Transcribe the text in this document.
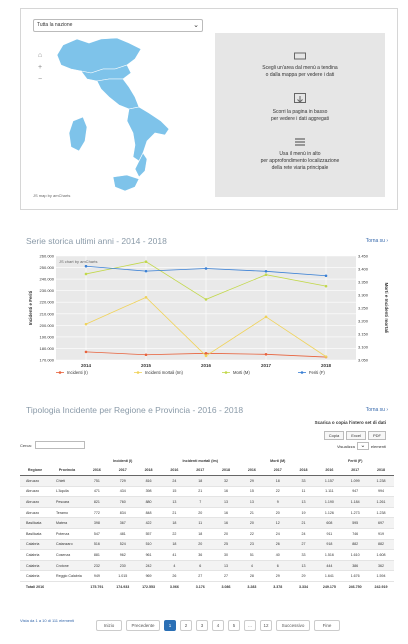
Tutta la nazione	⌄
⌂
+
−
JS map by amCharts
Scegli un'area dal menù a tendina
o dalla mappa per vedere i dati
Scorri la pagina in basso
per vedere i dati aggregati
Usa il menù in alto
per approfondimento localizzazione
della rete viaria principale
Serie storica ultimi anni - 2014 - 2018	Torna su ›
170.000
180.000
190.000
200.000
210.000
220.000
230.000
240.000
250.000
260.000
3.050
3.100
3.150
3.200
3.250
3.300
3.350
3.400
3.450
2014	2015	2016	2017	2018
Incidenti e Feriti	Morti e Incidenti mortali
JS chart by amCharts
Incidenti (I)	Incidenti mortali (Im)	Morti (M)	Feriti (F)
Tipologia Incidente per Regione e Provincia - 2016 - 2018	Torna su ›
Scarica o copia l'intero set di dati
Copia	Excel	PDF
Visualizza ⌄	elementi
Cerca:
		Incidenti (I)			Incidenti mortali (Im)			Morti (M)			Feriti (F)		
Regione	Provincia	2016	2017	2018	2016	2017	2018	2016	2017	2018	2016	2017	2018
Abruzzo	Chieti	751	729	816	24	18	32	29	18	33	1.157	1.099	1.238
Abruzzo	L'Aquila	471	434	398	15	21	16	15	22	11	1.111	947	994
Abruzzo	Pescara	821	760	880	13	7	13	13	9	13	1.190	1.184	1.261
Abruzzo	Teramo	772	834	848	21	20	16	21	20	19	1.126	1.273	1.238
Basilicata	Matera	398	367	422	18	11	16	20	12	21	608	595	697
Basilicata	Potenza	547	481	557	22	18	20	22	24	24	911	746	919
Calabria	Catanzaro	516	524	510	18	20	25	23	26	27	918	882	882
Calabria	Cosenza	881	962	961	41	36	30	51	40	33	1.516	1.610	1.608
Calabria	Crotone	232	230	242	4	6	13	4	6	13	444	386	362
Calabria	Reggio Calabria	949	1.015	969	26	27	27	28	29	29	1.641	1.676	1.594
Totali 2016		175.791	174.933	172.553	3.066	3.176	3.086	3.283	3.378	3.334	249.175	246.750	242.919
Vista da 1 a 10 di 111 elementi
Inizio	Precedente	1	2	3	4	5	...	12	Successivo	Fine
